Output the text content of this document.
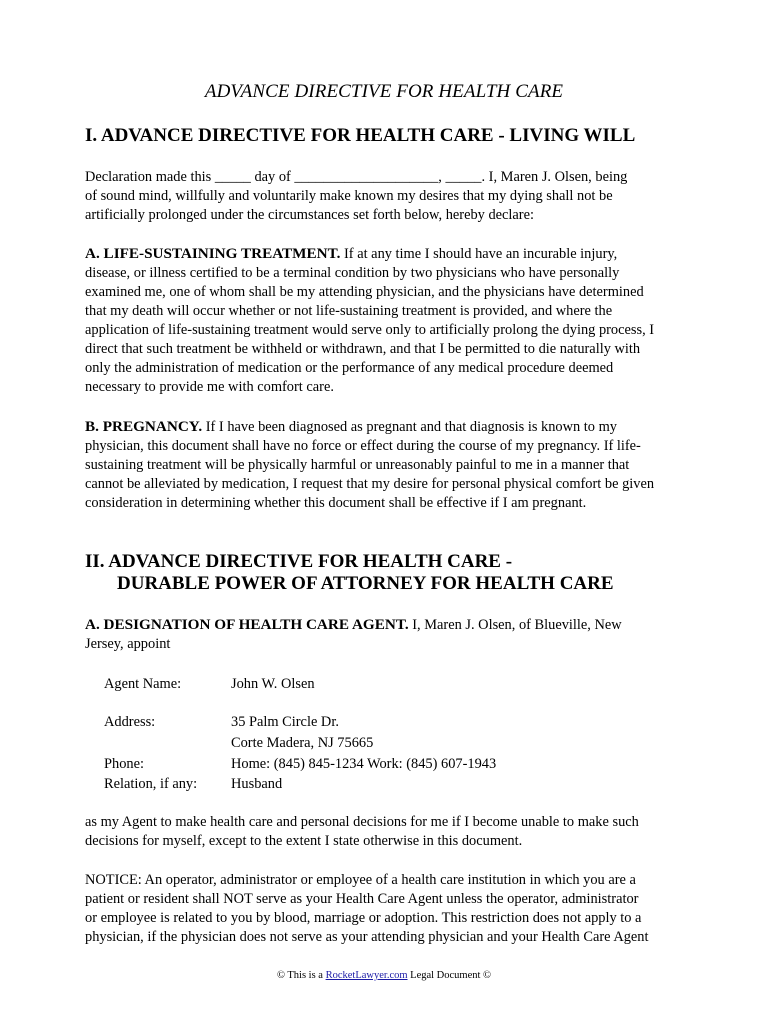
ADVANCE DIRECTIVE FOR HEALTH CARE
I. ADVANCE DIRECTIVE FOR HEALTH CARE - LIVING WILL
Declaration made this _____ day of ____________________, _____. I, Maren J. Olsen, being
of sound mind, willfully and voluntarily make known my desires that my dying shall not be
artificially prolonged under the circumstances set forth below, hereby declare:
A. LIFE-SUSTAINING TREATMENT. If at any time I should have an incurable injury,
disease, or illness certified to be a terminal condition by two physicians who have personally
examined me, one of whom shall be my attending physician, and the physicians have determined
that my death will occur whether or not life-sustaining treatment is provided, and where the
application of life-sustaining treatment would serve only to artificially prolong the dying process, I
direct that such treatment be withheld or withdrawn, and that I be permitted to die naturally with
only the administration of medication or the performance of any medical procedure deemed
necessary to provide me with comfort care.
B. PREGNANCY. If I have been diagnosed as pregnant and that diagnosis is known to my
physician, this document shall have no force or effect during the course of my pregnancy. If life-
sustaining treatment will be physically harmful or unreasonably painful to me in a manner that
cannot be alleviated by medication, I request that my desire for personal physical comfort be given
consideration in determining whether this document shall be effective if I am pregnant.
II. ADVANCE DIRECTIVE FOR HEALTH CARE -
DURABLE POWER OF ATTORNEY FOR HEALTH CARE
A. DESIGNATION OF HEALTH CARE AGENT. I, Maren J. Olsen, of Blueville, New
Jersey, appoint
Agent Name:	John W. Olsen
Address:	35 Palm Circle Dr.
Corte Madera, NJ 75665
Phone:	Home: (845) 845-1234 Work: (845) 607-1943
Relation, if any: Husband
as my Agent to make health care and personal decisions for me if I become unable to make such
decisions for myself, except to the extent I state otherwise in this document.
NOTICE: An operator, administrator or employee of a health care institution in which you are a
patient or resident shall NOT serve as your Health Care Agent unless the operator, administrator
or employee is related to you by blood, marriage or adoption. This restriction does not apply to a
physician, if the physician does not serve as your attending physician and your Health Care Agent
© This is a RocketLawyer.com Legal Document ©
